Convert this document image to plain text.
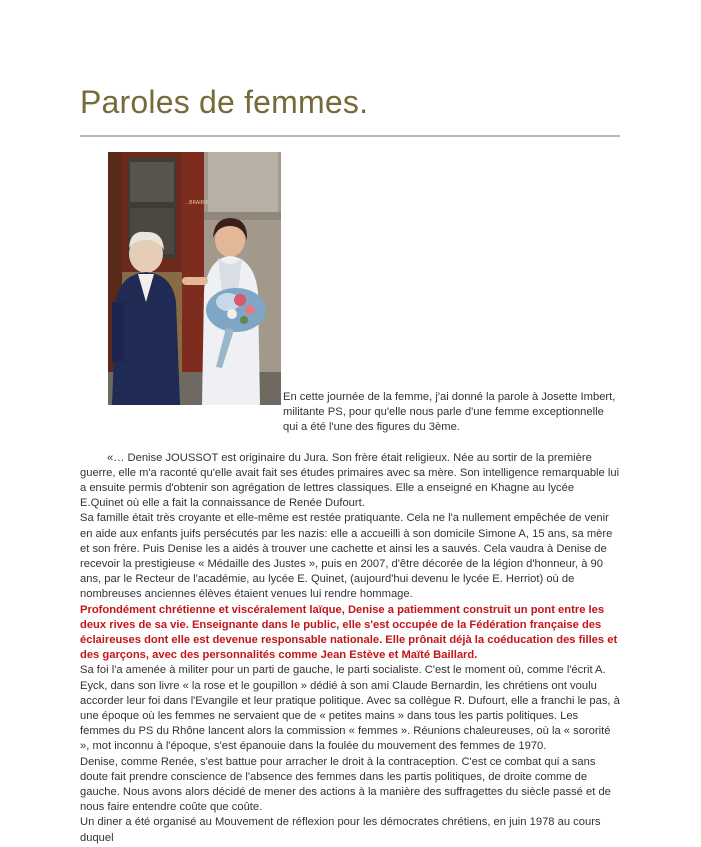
Paroles de femmes.
..BRAIRIE

En cette journée de la femme, j'ai donné la parole à Josette Imbert, militante PS, pour qu'elle nous parle d'une femme exceptionnelle qui a été l'une des figures du 3ème.

«… Denise JOUSSOT est originaire du Jura. Son frère était religieux. Née au sortir de la première guerre, elle m'a raconté qu'elle avait fait ses études primaires avec sa mère. Son intelligence remarquable lui a ensuite permis d'obtenir son agrégation de lettres classiques. Elle a enseigné en Khagne au lycée E.Quinet où elle a fait la connaissance de Renée Dufourt.

Sa famille était très croyante et elle-même est restée pratiquante. Cela ne l'a nullement empêchée de venir en aide aux enfants juifs persécutés par les nazis: elle a accueilli à son domicile Simone A, 15 ans, sa mère et son frère. Puis Denise les a aidés à trouver une cachette et ainsi les a sauvés. Cela vaudra à Denise de recevoir la prestigieuse « Médaille des Justes », puis en 2007, d'être décorée de la légion d'honneur, à 90 ans, par le Recteur de l'académie, au lycée E. Quinet, (aujourd'hui devenu le lycée E. Herriot) où de nombreuses anciennes élèves étaient venues lui rendre hommage.

Profondément chrétienne et viscéralement laïque, Denise a patiemment construit un pont entre les deux rives de sa vie. Enseignante dans le public, elle s'est occupée de la Fédération française des éclaireuses dont elle est devenue responsable nationale. Elle prônait déjà la coéducation des filles et des garçons, avec des personnalités comme Jean Estève et Maïté Baillard.

Sa foi l'a amenée à militer pour un parti de gauche, le parti socialiste. C'est le moment où, comme l'écrit A. Eyck, dans son livre « la rose et le goupillon » dédié à son ami Claude Bernardin, les chrétiens ont voulu accorder leur foi dans l'Evangile et leur pratique politique. Avec sa collègue R. Dufourt, elle a franchi le pas, à une époque où les femmes ne servaient que de « petites mains » dans tous les partis politiques. Les femmes du PS du Rhône lancent alors la commission « femmes ». Réunions chaleureuses, où la « sororité », mot inconnu à l'époque, s'est épanouie dans la foulée du mouvement des femmes de 1970.

Denise, comme Renée, s'est battue pour arracher le droit à la contraception. C'est ce combat qui a sans doute fait prendre conscience de l'absence des femmes dans les partis politiques, de droite comme de gauche. Nous avons alors décidé de mener des actions à la manière des suffragettes du siècle passé et de nous faire entendre coûte que coûte.

Un diner a été organisé au Mouvement de réflexion pour les démocrates chrétiens, en juin 1978 au cours duquel
